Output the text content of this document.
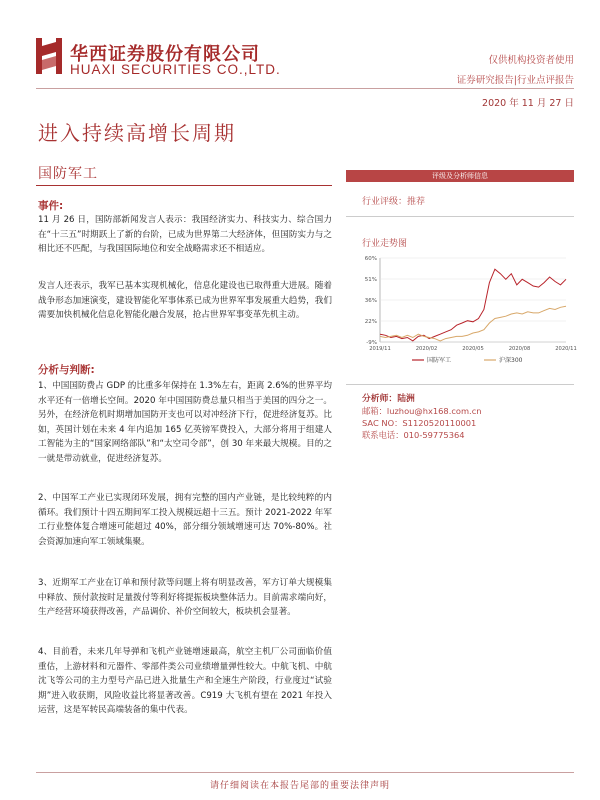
华西证券股份有限公司
HUAXI SECURITIES CO.,LTD.
仅供机构投资者使用
证券研究报告|行业点评报告
2020 年 11 月 27 日
进入持续高增长周期
国防军工
事件:

11 月 26 日，国防部新闻发言人表示：我国经济实力、科技实力、综合国力在“十三五”时期跃上了新的台阶，已成为世界第二大经济体，但国防实力与之相比还不匹配，与我国国际地位和安全战略需求还不相适应。

发言人还表示，我军已基本实现机械化，信息化建设也已取得重大进展。随着战争形态加速演变，建设智能化军事体系已成为世界军事发展重大趋势，我们需要加快机械化信息化智能化融合发展，抢占世界军事变革先机主动。

分析与判断:

1、中国国防费占 GDP 的比重多年保持在 1.3%左右，距离 2.6%的世界平均水平还有一倍增长空间。2020 年中国国防费总量只相当于美国的四分之一。另外，在经济危机时期增加国防开支也可以对冲经济下行，促进经济复苏。比如，英国计划在未来 4 年内追加 165 亿英镑军费投入，大部分将用于组建人工智能为主的“国家网络部队”和“太空司令部”，创 30 年来最大规模。目的之一就是带动就业，促进经济复苏。

2、中国军工产业已实现闭环发展，拥有完整的国内产业链，是比较纯粹的内循环。我们预计十四五期间军工投入规模远超十三五。预计 2021-2022 年军工行业整体复合增速可能超过 40%，部分细分领域增速可达 70%-80%。社会资源加速向军工领域集聚。

3、近期军工产业在订单和预付款等问题上将有明显改善，军方订单大规模集中释放、预付款按时足量拨付等利好将提振板块整体活力。目前需求端向好，生产经营环境获得改善，产品调价、补价空间较大，板块机会显著。

4、目前看，未来几年导弹和飞机产业链增速最高，航空主机厂公司面临价值重估，上游材料和元器件、零部件类公司业绩增量弹性较大。中航飞机、中航沈飞等公司的主力型号产品已进入批量生产和全速生产阶段，行业度过“试验期”进入收获期，风险收益比将显著改善。C919 大飞机有望在 2021 年投入运营，这是军转民高端装备的集中代表。

评级及分析师信息
行业评级：推荐
行业走势图
60%
51%
36%
22%
-9%
2019/11	2020/02	2020/05	2020/08	2020/11
国防军工	沪深300
分析师：陆洲
邮箱：luzhou@hx168.com.cn
SAC NO：S1120520110001
联系电话：010-59775364
请仔细阅读在本报告尾部的重要法律声明
